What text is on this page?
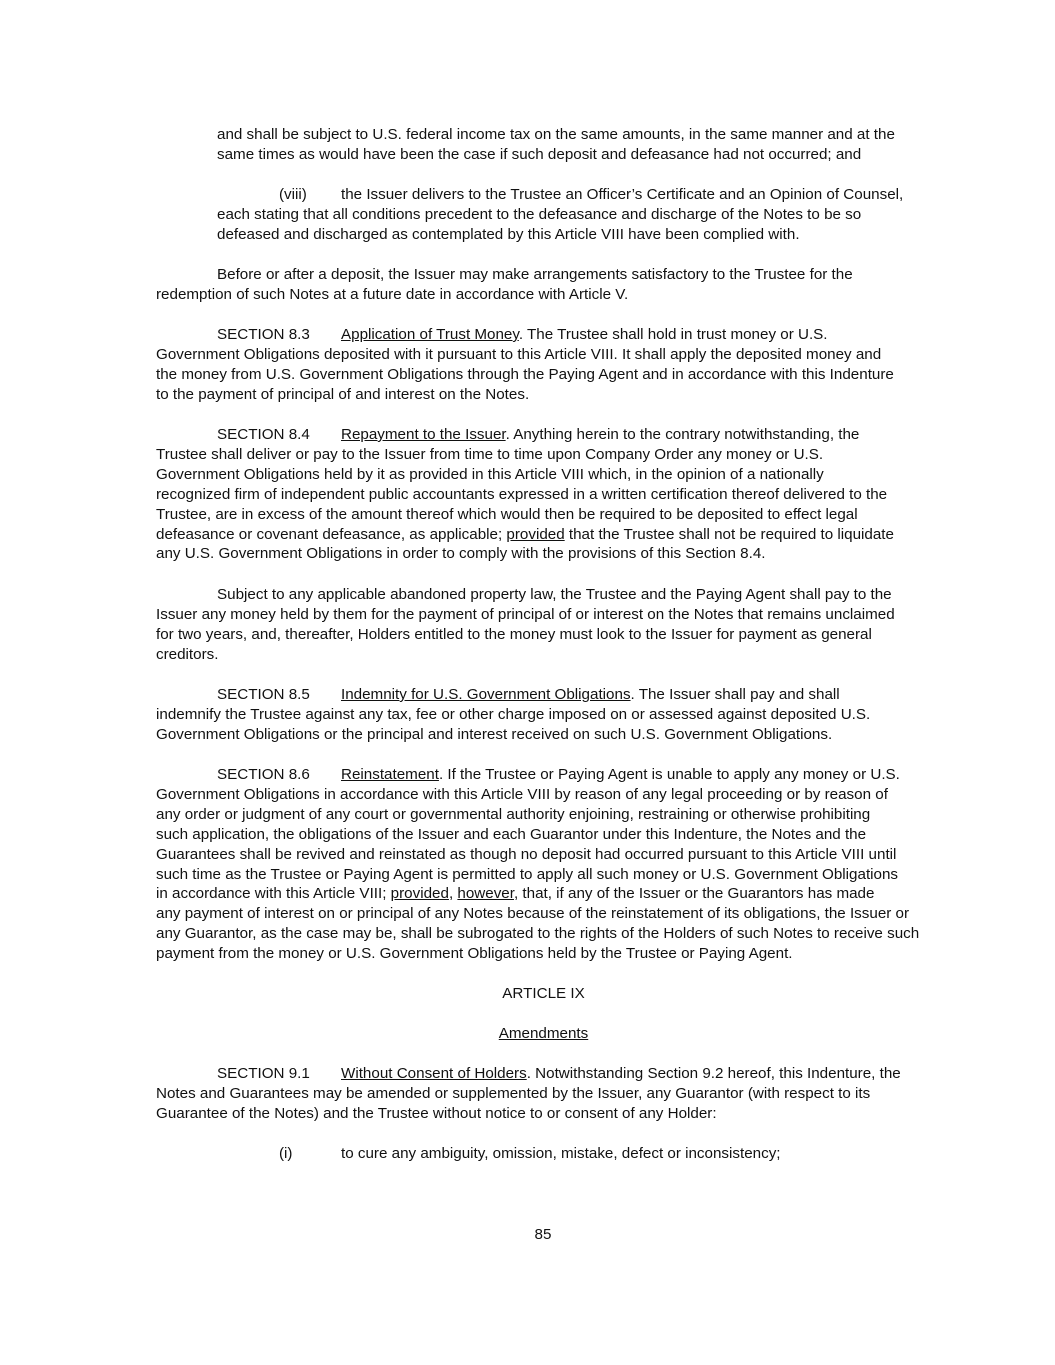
and shall be subject to U.S. federal income tax on the same amounts, in the same manner and at the
same times as would have been the case if such deposit and defeasance had not occurred; and
(viii) the Issuer delivers to the Trustee an Officer’s Certificate and an Opinion of Counsel,
each stating that all conditions precedent to the defeasance and discharge of the Notes to be so
defeased and discharged as contemplated by this Article VIII have been complied with.
Before or after a deposit, the Issuer may make arrangements satisfactory to the Trustee for the
redemption of such Notes at a future date in accordance with Article V.
SECTION 8.3 Application of Trust Money. The Trustee shall hold in trust money or U.S.
Government Obligations deposited with it pursuant to this Article VIII. It shall apply the deposited money and
the money from U.S. Government Obligations through the Paying Agent and in accordance with this Indenture
to the payment of principal of and interest on the Notes.
SECTION 8.4 Repayment to the Issuer. Anything herein to the contrary notwithstanding, the
Trustee shall deliver or pay to the Issuer from time to time upon Company Order any money or U.S.
Government Obligations held by it as provided in this Article VIII which, in the opinion of a nationally
recognized firm of independent public accountants expressed in a written certification thereof delivered to the
Trustee, are in excess of the amount thereof which would then be required to be deposited to effect legal
defeasance or covenant defeasance, as applicable; provided that the Trustee shall not be required to liquidate
any U.S. Government Obligations in order to comply with the provisions of this Section 8.4.
Subject to any applicable abandoned property law, the Trustee and the Paying Agent shall pay to the
Issuer any money held by them for the payment of principal of or interest on the Notes that remains unclaimed
for two years, and, thereafter, Holders entitled to the money must look to the Issuer for payment as general
creditors.
SECTION 8.5 Indemnity for U.S. Government Obligations. The Issuer shall pay and shall
indemnify the Trustee against any tax, fee or other charge imposed on or assessed against deposited U.S.
Government Obligations or the principal and interest received on such U.S. Government Obligations.
SECTION 8.6 Reinstatement. If the Trustee or Paying Agent is unable to apply any money or U.S.
Government Obligations in accordance with this Article VIII by reason of any legal proceeding or by reason of
any order or judgment of any court or governmental authority enjoining, restraining or otherwise prohibiting
such application, the obligations of the Issuer and each Guarantor under this Indenture, the Notes and the
Guarantees shall be revived and reinstated as though no deposit had occurred pursuant to this Article VIII until
such time as the Trustee or Paying Agent is permitted to apply all such money or U.S. Government Obligations
in accordance with this Article VIII; provided, however, that, if any of the Issuer or the Guarantors has made
any payment of interest on or principal of any Notes because of the reinstatement of its obligations, the Issuer or
any Guarantor, as the case may be, shall be subrogated to the rights of the Holders of such Notes to receive such
payment from the money or U.S. Government Obligations held by the Trustee or Paying Agent.
ARTICLE IX
Amendments
SECTION 9.1 Without Consent of Holders. Notwithstanding Section 9.2 hereof, this Indenture, the
Notes and Guarantees may be amended or supplemented by the Issuer, any Guarantor (with respect to its
Guarantee of the Notes) and the Trustee without notice to or consent of any Holder:
(i)	to cure any ambiguity, omission, mistake, defect or inconsistency;
85
